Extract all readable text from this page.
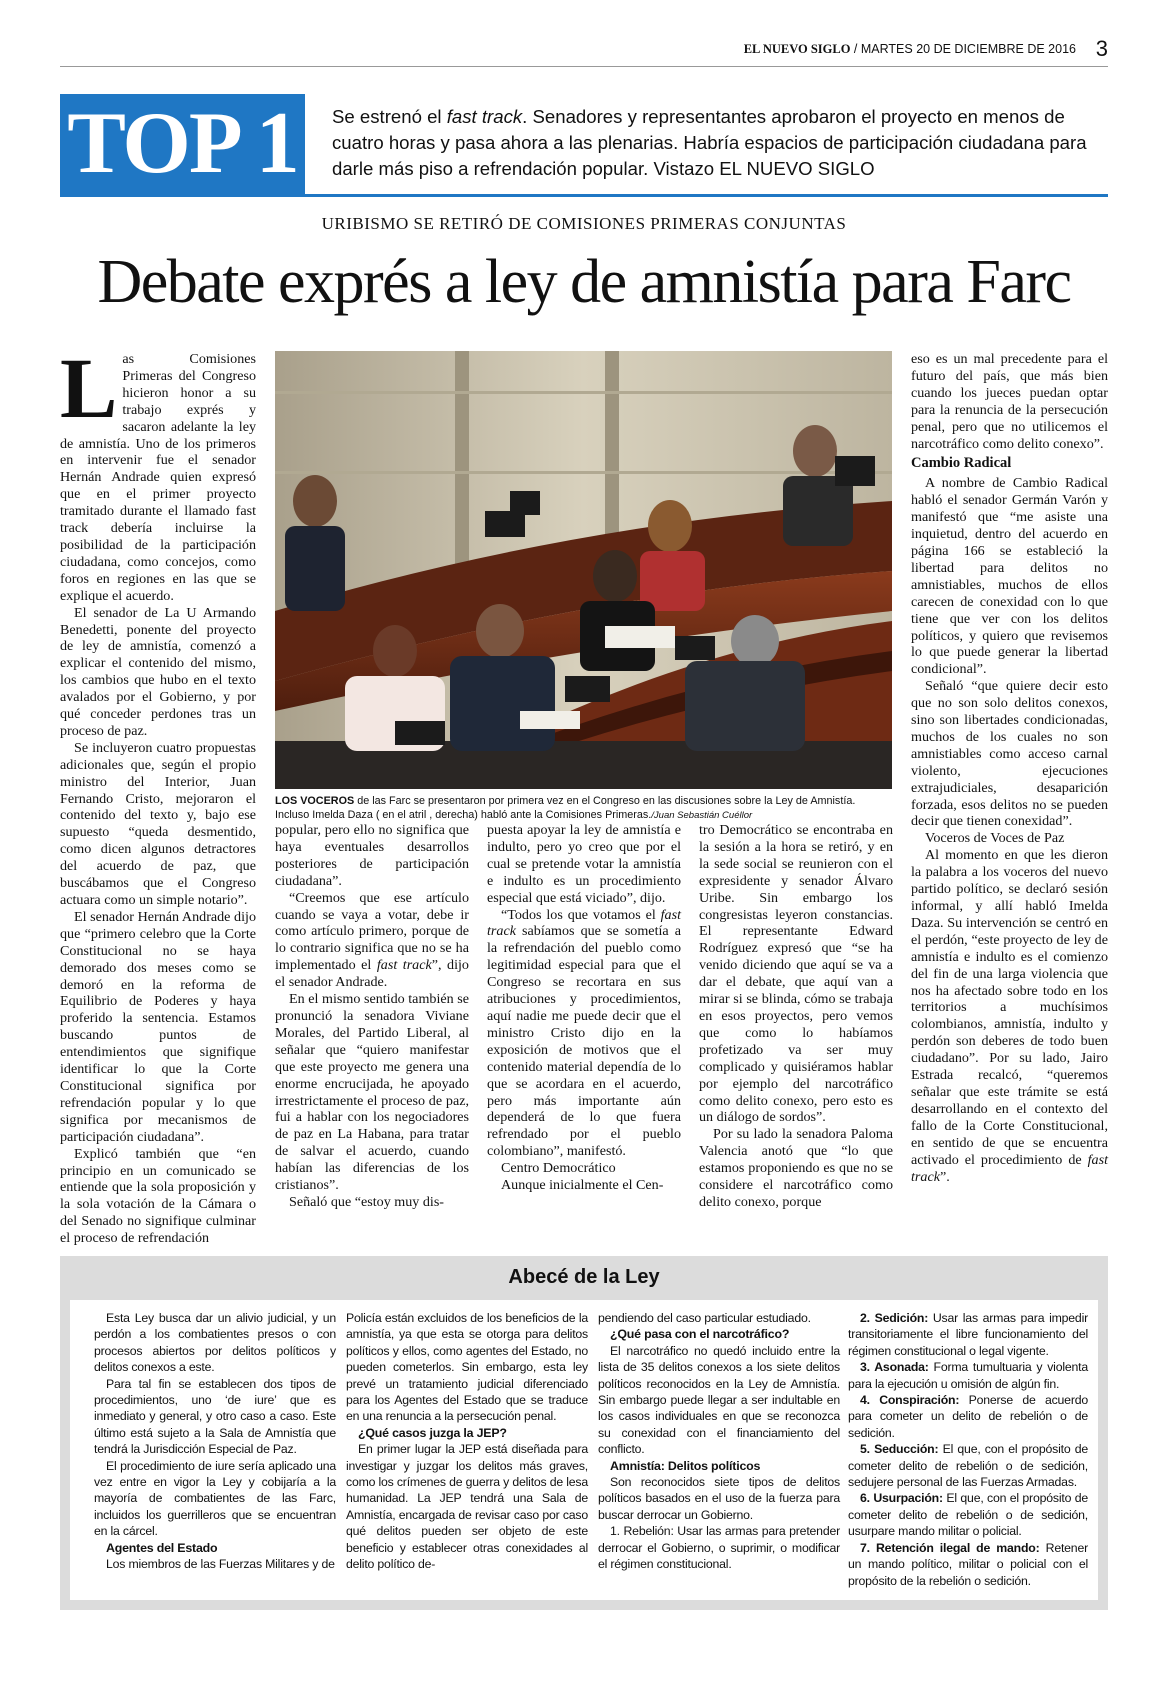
EL NUEVO SIGLO / MARTES 20 DE DICIEMBRE DE 2016 3
TOP 1	Se estrenó el fast track. Senadores y representantes aprobaron el proyecto en menos de cuatro horas y pasa ahora a las plenarias. Habría espacios de participación ciudadana para darle más piso a refrendación popular. Vistazo EL NUEVO SIGLO
URIBISMO SE RETIRÓ DE COMISIONES PRIMERAS CONJUNTAS
Debate exprés a ley de amnistía para Farc
L as Comisiones Primeras del Congreso hicieron honor a su trabajo exprés y sacaron adelante la ley de amnistía. Uno de los primeros en intervenir fue el senador Hernán Andrade quien expresó que en el primer proyecto tramitado durante el llamado fast track debería incluirse la posibilidad de la participación ciudadana, como concejos, como foros en regiones en las que se explique el acuerdo.

El senador de La U Armando Benedetti, ponente del proyecto de ley de amnistía, comenzó a explicar el contenido del mismo, los cambios que hubo en el texto avalados por el Gobierno, y por qué conceder perdones tras un proceso de paz.

Se incluyeron cuatro propuestas adicionales que, según el propio ministro del Interior, Juan Fernando Cristo, mejoraron el contenido del texto y, bajo ese supuesto “queda desmentido, como dicen algunos detractores del acuerdo de paz, que buscábamos que el Congreso actuara como un simple notario”.

El senador Hernán Andrade dijo que “primero celebro que la Corte Constitucional no se haya demorado dos meses como se demoró en la reforma de Equilibrio de Poderes y haya proferido la sentencia. Estamos buscando puntos de entendimientos que signifique identificar lo que la Corte Constitucional significa por refrendación popular y lo que significa por mecanismos de participación ciudadana”.

Explicó también que “en principio en un comunicado se entiende que la sola proposición y la sola votación de la Cámara o del Senado no signifique culminar el proceso de refrendación

LOS VOCEROS de las Farc se presentaron por primera vez en el Congreso en las discusiones sobre la Ley de Amnistía. Incluso Imelda Daza ( en el atril , derecha) habló ante la Comisiones Primeras./Juan Sebastián Cuéllor

popular, pero ello no significa que haya eventuales desarrollos posteriores de participación ciudadana”.

“Creemos que ese artículo cuando se vaya a votar, debe ir como artículo primero, porque de lo contrario significa que no se ha implementado el fast track”, dijo el senador Andrade.

En el mismo sentido también se pronunció la senadora Viviane Morales, del Partido Liberal, al señalar que “quiero manifestar que este proyecto me genera una enorme encrucijada, he apoyado irrestrictamente el proceso de paz, fui a hablar con los negociadores de paz en La Habana, para tratar de salvar el acuerdo, cuando habían las diferencias de los cristianos”.

Señaló que “estoy muy dis-

puesta apoyar la ley de amnistía e indulto, pero yo creo que por el cual se pretende votar la amnistía e indulto es un procedimiento especial que está viciado”, dijo.

“Todos los que votamos el fast track sabíamos que se sometía a la refrendación del pueblo como legitimidad especial para que el Congreso se recortara en sus atribuciones y procedimientos, aquí nadie me puede decir que el ministro Cristo dijo en la exposición de motivos que el contenido material dependía de lo que se acordara en el acuerdo, pero más importante aún dependerá de lo que fuera refrendado por el pueblo colombiano”, manifestó.

Centro Democrático

Aunque inicialmente el Cen-

tro Democrático se encontraba en la sesión a la hora se retiró, y en la sede social se reunieron con el expresidente y senador Álvaro Uribe. Sin embargo los congresistas leyeron constancias. El representante Edward Rodríguez expresó que “se ha venido diciendo que aquí se va a dar el debate, que aquí van a mirar si se blinda, cómo se trabaja en esos proyectos, pero vemos que como lo habíamos profetizado va ser muy complicado y quisiéramos hablar por ejemplo del narcotráfico como delito conexo, pero esto es un diálogo de sordos”.

Por su lado la senadora Paloma Valencia anotó que “lo que estamos proponiendo es que no se considere el narcotráfico como delito conexo, porque

eso es un mal precedente para el futuro del país, que más bien cuando los jueces puedan optar para la renuncia de la persecución penal, pero que no utilicemos el narcotráfico como delito conexo”.

Cambio Radical

A nombre de Cambio Radical habló el senador Germán Varón y manifestó que “me asiste una inquietud, dentro del acuerdo en página 166 se estableció la libertad para delitos no amnistiables, muchos de ellos carecen de conexidad con lo que tiene que ver con los delitos políticos, y quiero que revisemos lo que puede generar la libertad condicional”.

Señaló “que quiere decir esto que no son solo delitos conexos, sino son libertades condicionadas, muchos de los cuales no son amnistiables como acceso carnal violento, ejecuciones extrajudiciales, desaparición forzada, esos delitos no se pueden decir que tienen conexidad”.

Voceros de Voces de Paz

Al momento en que les dieron la palabra a los voceros del nuevo partido político, se declaró sesión informal, y allí habló Imelda Daza. Su intervención se centró en el perdón, “este proyecto de ley de amnistía e indulto es el comienzo del fin de una larga violencia que nos ha afectado sobre todo en los territorios a muchísimos colombianos, amnistía, indulto y perdón son deberes de todo buen ciudadano”. Por su lado, Jairo Estrada recalcó, “queremos señalar que este trámite se está desarrollando en el contexto del fallo de la Corte Constitucional, en sentido de que se encuentra activado el procedimiento de fast track”.

Abecé de la Ley

Esta Ley busca dar un alivio judicial, y un perdón a los combatientes presos o con procesos abiertos por delitos políticos y delitos conexos a este.

Para tal fin se establecen dos tipos de procedimientos, uno ‘de iure’ que es inmediato y general, y otro caso a caso. Este último está sujeto a la Sala de Amnistía que tendrá la Jurisdicción Especial de Paz.

El procedimiento de iure sería aplicado una vez entre en vigor la Ley y cobijaría a la mayoría de combatientes de las Farc, incluidos los guerrilleros que se encuentran en la cárcel.

Agentes del Estado

Los miembros de las Fuerzas Militares y de

Policía están excluidos de los beneficios de la amnistía, ya que esta se otorga para delitos políticos y ellos, como agentes del Estado, no pueden cometerlos. Sin embargo, esta ley prevé un tratamiento judicial diferenciado para los Agentes del Estado que se traduce en una renuncia a la persecución penal.

¿Qué casos juzga la JEP?

En primer lugar la JEP está diseñada para investigar y juzgar los delitos más graves, como los crímenes de guerra y delitos de lesa humanidad. La JEP tendrá una Sala de Amnistía, encargada de revisar caso por caso qué delitos pueden ser objeto de este beneficio y establecer otras conexidades al delito político de-

pendiendo del caso particular estudiado.

¿Qué pasa con el narcotráfico?

El narcotráfico no quedó incluido entre la lista de 35 delitos conexos a los siete delitos políticos reconocidos en la Ley de Amnistía. Sin embargo puede llegar a ser indultable en los casos individuales en que se reconozca su conexidad con el financiamiento del conflicto.

Amnistía: Delitos políticos

Son reconocidos siete tipos de delitos políticos basados en el uso de la fuerza para buscar derrocar un Gobierno.

1. Rebelión: Usar las armas para pretender derrocar el Gobierno, o suprimir, o modificar el régimen constitucional.

2. Sedición: Usar las armas para impedir transitoriamente el libre funcionamiento del régimen constitucional o legal vigente.

3. Asonada: Forma tumultuaria y violenta para la ejecución u omisión de algún fin.

4. Conspiración: Ponerse de acuerdo para cometer un delito de rebelión o de sedición.

5. Seducción: El que, con el propósito de cometer delito de rebelión o de sedición, sedujere personal de las Fuerzas Armadas.

6. Usurpación: El que, con el propósito de cometer delito de rebelión o de sedición, usurpare mando militar o policial.

7. Retención ilegal de mando: Retener un mando político, militar o policial con el propósito de la rebelión o sedición.
